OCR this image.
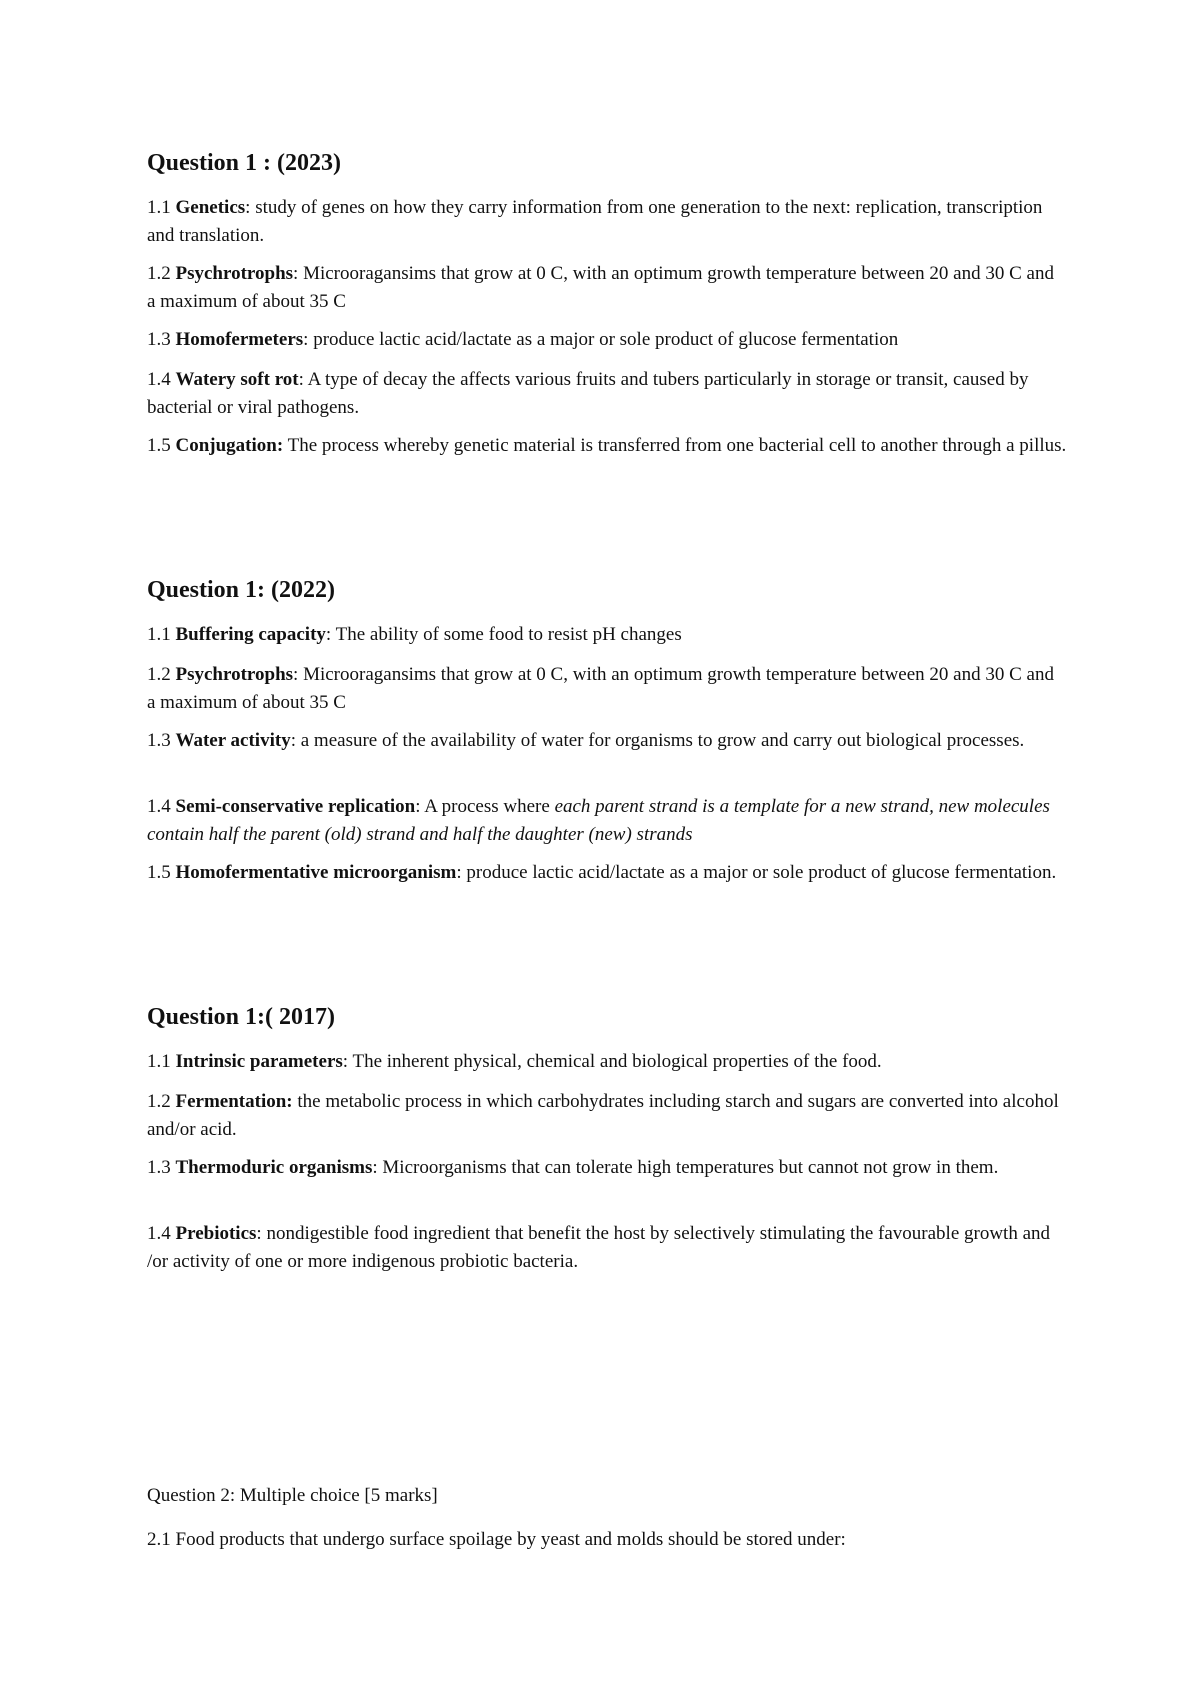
Question 1 : (2023)

1.1 Genetics: study of genes on how they carry information from one generation to the next: replication, transcription and translation.

1.2 Psychrotrophs: Microoragansims that grow at 0 C, with an optimum growth temperature between 20 and 30 C and a maximum of about 35 C

1.3 Homofermeters: produce lactic acid/lactate as a major or sole product of glucose fermentation

1.4 Watery soft rot: A type of decay the affects various fruits and tubers particularly in storage or transit, caused by bacterial or viral pathogens.

1.5 Conjugation: The process whereby genetic material is transferred from one bacterial cell to another through a pillus.

Question 1: (2022)

1.1 Buffering capacity: The ability of some food to resist pH changes

1.2 Psychrotrophs: Microoragansims that grow at 0 C, with an optimum growth temperature between 20 and 30 C and a maximum of about 35 C

1.3 Water activity: a measure of the availability of water for organisms to grow and carry out biological processes.

1.4 Semi-conservative replication: A process where each parent strand is a template for a new strand, new molecules contain half the parent (old) strand and half the daughter (new) strands

1.5 Homofermentative microorganism: produce lactic acid/lactate as a major or sole product of glucose fermentation.

Question 1:( 2017)

1.1 Intrinsic parameters: The inherent physical, chemical and biological properties of the food.

1.2 Fermentation: the metabolic process in which carbohydrates including starch and sugars are converted into alcohol and/or acid.

1.3 Thermoduric organisms: Microorganisms that can tolerate high temperatures but cannot not grow in them.

1.4 Prebiotics: nondigestible food ingredient that benefit the host by selectively stimulating the favourable growth and /or activity of one or more indigenous probiotic bacteria.

Question 2: Multiple choice [5 marks]

2.1 Food products that undergo surface spoilage by yeast and molds should be stored under:
